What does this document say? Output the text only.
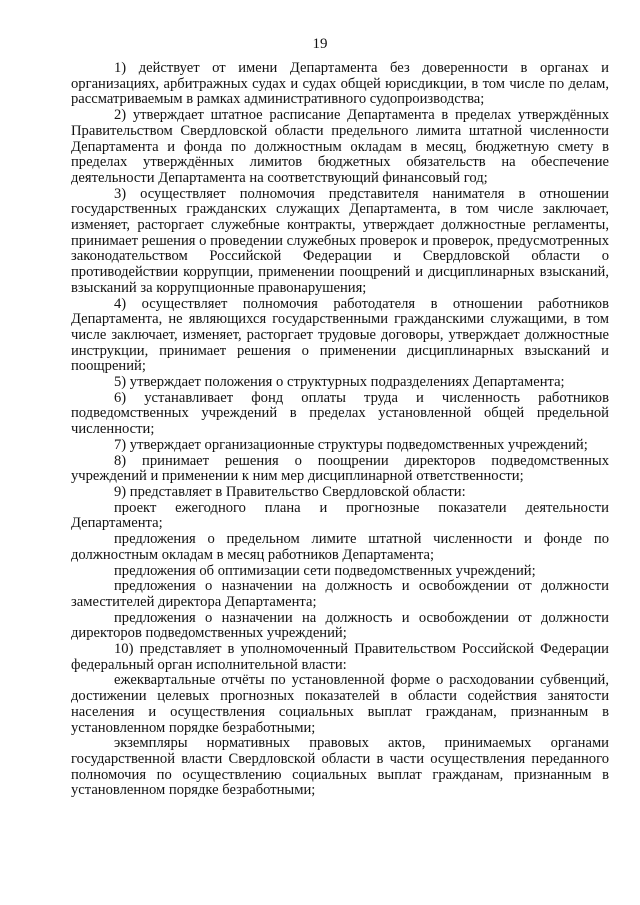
19

1) действует от имени Департамента без доверенности в органах и организациях, арбитражных судах и судах общей юрисдикции, в том числе по делам, рассматриваемым в рамках административного судопроизводства;

2) утверждает штатное расписание Департамента в пределах утверждённых Правительством Свердловской области предельного лимита штатной численности Департамента и фонда по должностным окладам в месяц, бюджетную смету в пределах утверждённых лимитов бюджетных обязательств на обеспечение деятельности Департамента на соответствующий финансовый год;

3) осуществляет полномочия представителя нанимателя в отношении государственных гражданских служащих Департамента, в том числе заключает, изменяет, расторгает служебные контракты, утверждает должностные регламенты, принимает решения о проведении служебных проверок и проверок, предусмотренных законодательством Российской Федерации и Свердловской области о противодействии коррупции, применении поощрений и дисциплинарных взысканий, взысканий за коррупционные правонарушения;

4) осуществляет полномочия работодателя в отношении работников Департамента, не являющихся государственными гражданскими служащими, в том числе заключает, изменяет, расторгает трудовые договоры, утверждает должностные инструкции, принимает решения о применении дисциплинарных взысканий и поощрений;

5) утверждает положения о структурных подразделениях Департамента;

6) устанавливает фонд оплаты труда и численность работников подведомственных учреждений в пределах установленной общей предельной численности;

7) утверждает организационные структуры подведомственных учреждений;

8) принимает решения о поощрении директоров подведомственных учреждений и применении к ним мер дисциплинарной ответственности;

9) представляет в Правительство Свердловской области:

проект ежегодного плана и прогнозные показатели деятельности Департамента;

предложения о предельном лимите штатной численности и фонде по должностным окладам в месяц работников Департамента;

предложения об оптимизации сети подведомственных учреждений;

предложения о назначении на должность и освобождении от должности заместителей директора Департамента;

предложения о назначении на должность и освобождении от должности директоров подведомственных учреждений;

10) представляет в уполномоченный Правительством Российской Федерации федеральный орган исполнительной власти:

ежеквартальные отчёты по установленной форме о расходовании субвенций, достижении целевых прогнозных показателей в области содействия занятости населения и осуществления социальных выплат гражданам, признанным в установленном порядке безработными;

экземпляры нормативных правовых актов, принимаемых органами государственной власти Свердловской области в части осуществления переданного полномочия по осуществлению социальных выплат гражданам, признанным в установленном порядке безработными;
